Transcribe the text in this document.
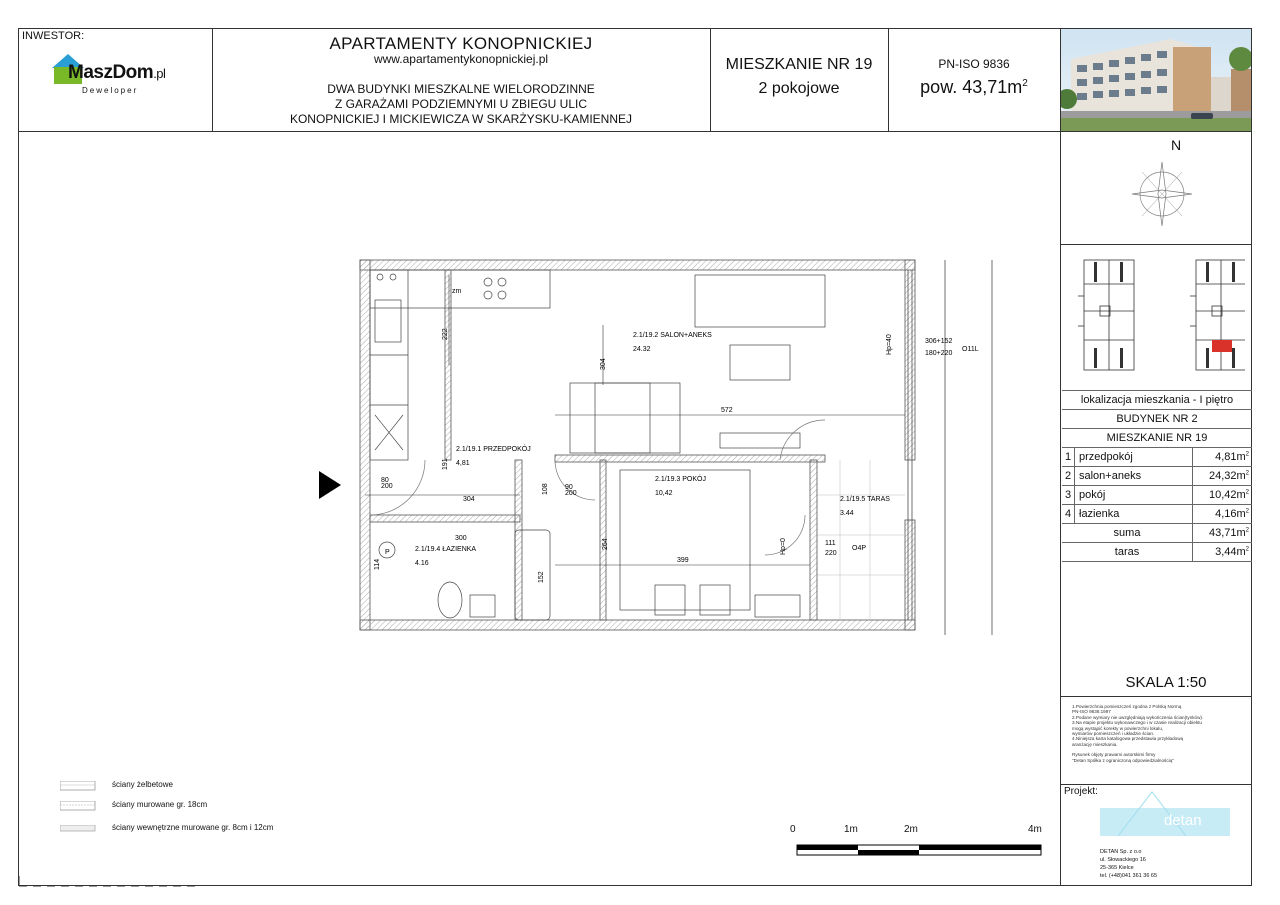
INWESTOR:
MaszDom.pl
Deweloper
APARTAMENTY KONOPNICKIEJ
www.apartamentykonopnickiej.pl
DWA BUDYNKI MIESZKALNE WIELORODZINNE
Z GARAŻAMI PODZIEMNYMI U ZBIEGU ULIC
KONOPNICKIEJ I MICKIEWICZA W SKARŻYSKU-KAMIENNEJ
MIESZKANIE NR 19
2 pokojowe
PN-ISO 9836
pow. $43,71m^2$
N
lokalizacja mieszkania - I piętro
BUDYNEK NR 2
MIESZKANIE NR 19
1 przedpokój	$4,81m^2$
2 salon+aneks	$24,32m^2$
3 pokój	$10,42m^2$
4 łazienka	$4,16m^2$
suma	$43,71m^2$
taras	$3,44m^2$
SKALA 1:50
1.Powierzchnia pomieszczeń zgodna z Polską Normą
PN-ISO 9836:1997
2.Podane wymiary nie uwzględniają wykończenia ścian(tynków).
3.Na etapie projektu wykonawczego i w czasie realizacji obiektu
mogą wystąpić korekty w powierzchni lokalu,
wymiarów pomieszczeń i układzie ścian.
4.Niniejsza karta katalogowa przedstawia przykładową
aranżację mieszkania.
Rysunek objęty prawami autorskimi firmy
"Detan Spółka z ograniczoną odpowiedzialnością"
Projekt:
detan
DETAN Sp. z o.o
ul. Słowackiego 16
25-365 Kielce
tel. (+48)041 361 36 65
ściany żelbetowe
ściany murowane gr. 18cm
ściany wewnętrzne murowane gr. 8cm i 12cm	0	1m	2m	4m
zm
2.1/19.2 SALON+ANEKS
24.32
2.1/19.1 PRZEDPOKÓJ
4,81
2.1/19.3 POKÓJ
10,42
2.1/19.5 TARAS
3.44
2.1/19.4 ŁAZIENKA
4.16
306+152
180+220
O11L
O4P
572
304
300
399
222
304
191
108
264
152
114
111
220
Hp=40
Hp=0
80
200	90
200
P
